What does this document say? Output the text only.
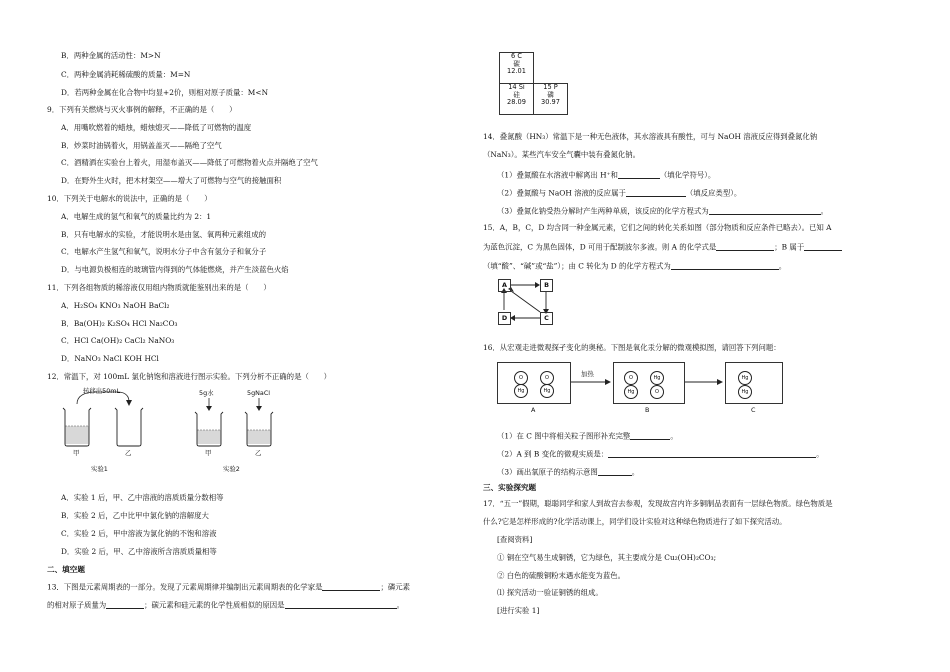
B．两种金属的活动性：M>N
C．两种金属消耗稀硫酸的质量：M=N
D．若两种金属在化合物中均显+2价，则相对原子质量：M<N
9．下列有关燃烧与灭火事例的解释，不正确的是（　　）
A．用嘴吹燃着的蜡烛，蜡烛熄灭——降低了可燃物的温度
B．炒菜时油锅着火，用锅盖盖灭——隔绝了空气
C．酒精洒在实验台上着火，用湿布盖灭——降低了可燃物着火点并隔绝了空气
D．在野外生火时，把木材架空——增大了可燃物与空气的接触面积
10．下列关于电解水的说法中，正确的是（　　）
A．电解生成的氢气和氧气的质量比约为 2：1
B．只有电解水的实验，才能说明水是由氢、氧两种元素组成的
C．电解水产生氢气和氧气，说明水分子中含有氢分子和氧分子
D．与电源负极相连的玻璃管内得到的气体能燃烧，并产生淡蓝色火焰
11．下列各组物质的稀溶液仅用组内物质就能鉴别出来的是（　　）
A．H₂SO₄ KNO₃ NaOH BaCl₂
B．Ba(OH)₂ K₂SO₄ HCl Na₂CO₃
C．HCl Ca(OH)₂ CaCl₂ NaNO₃
D．NaNO₃ NaCl KOH HCl
12．常温下，对 100mL 氯化钠饱和溶液进行图示实验。下列分析不正确的是（　　）
转移出50mL	5g水	5gNaCl
甲	乙	甲	乙
实验1	实验2
A．实验 1 后，甲、乙中溶液的溶质质量分数相等
B．实验 2 后，乙中比甲中氯化钠的溶解度大
C．实验 2 后，甲中溶液为氯化钠的不饱和溶液
D．实验 2 后，甲、乙中溶液所含溶质质量相等
二、填空题
13．下图是元素周期表的一部分。发现了元素周期律并编制出元素周期表的化学家是	；磷元素
的相对原子质量为	；碳元素和硅元素的化学性质相似的原因是	。
6 C
碳
12.01
14 Si
硅
28.09
15 P
磷
30.97
14．叠氮酸（HN₃）常温下是一种无色液体，其水溶液具有酸性，可与 NaOH 溶液反应得到叠氮化钠
（NaN₃）。某些汽车安全气囊中装有叠氮化钠。
（1）叠氮酸在水溶液中解离出 H⁺和	（填化学符号）。
（2）叠氮酸与 NaOH 溶液的反应属于	（填反应类型）。
（3）叠氮化钠受热分解时产生两种单质，该反应的化学方程式为	。
15．A，B，C，D 均含同一种金属元素，它们之间的转化关系如图（部分物质和反应条件已略去）。已知 A
为蓝色沉淀，C 为黑色固体，D 可用于配制波尔多液。则 A 的化学式是	；B 属于
（填“酸”、“碱”或“盐”）；由 C 转化为 D 的化学方程式为	。
A	B
C
D
16．从宏观走进微观探孑变化的奥秘。下图是氧化汞分解的微观模拟图，请回答下列问题：
O
Hg
O
Hg
加热	O
Hg
Hg
O
Hg
Hg
A	B	C
（1）在 C 图中将相关粒子图形补充完整	。
（2）A 到 B 变化的微观实质是：	。
（3）画出氧原子的结构示意图	。
三、实验探究题
17．“五一”假期，聪聪同学和家人到故宫去参观，发现故宫内许多铜制品表面有一层绿色物质。绿色物质是
什么?它是怎样形成的?化学活动课上，同学们设计实验对这种绿色物质进行了如下探究活动。
[查阅资料]
① 铜在空气易生成铜锈，它为绿色，其主要成分是 Cu₂(OH)₂CO₃;
② 白色的硫酸铜粉末遇水能变为蓝色。
⑴ 探究活动一验证铜锈的组成。
[进行实验 1]
